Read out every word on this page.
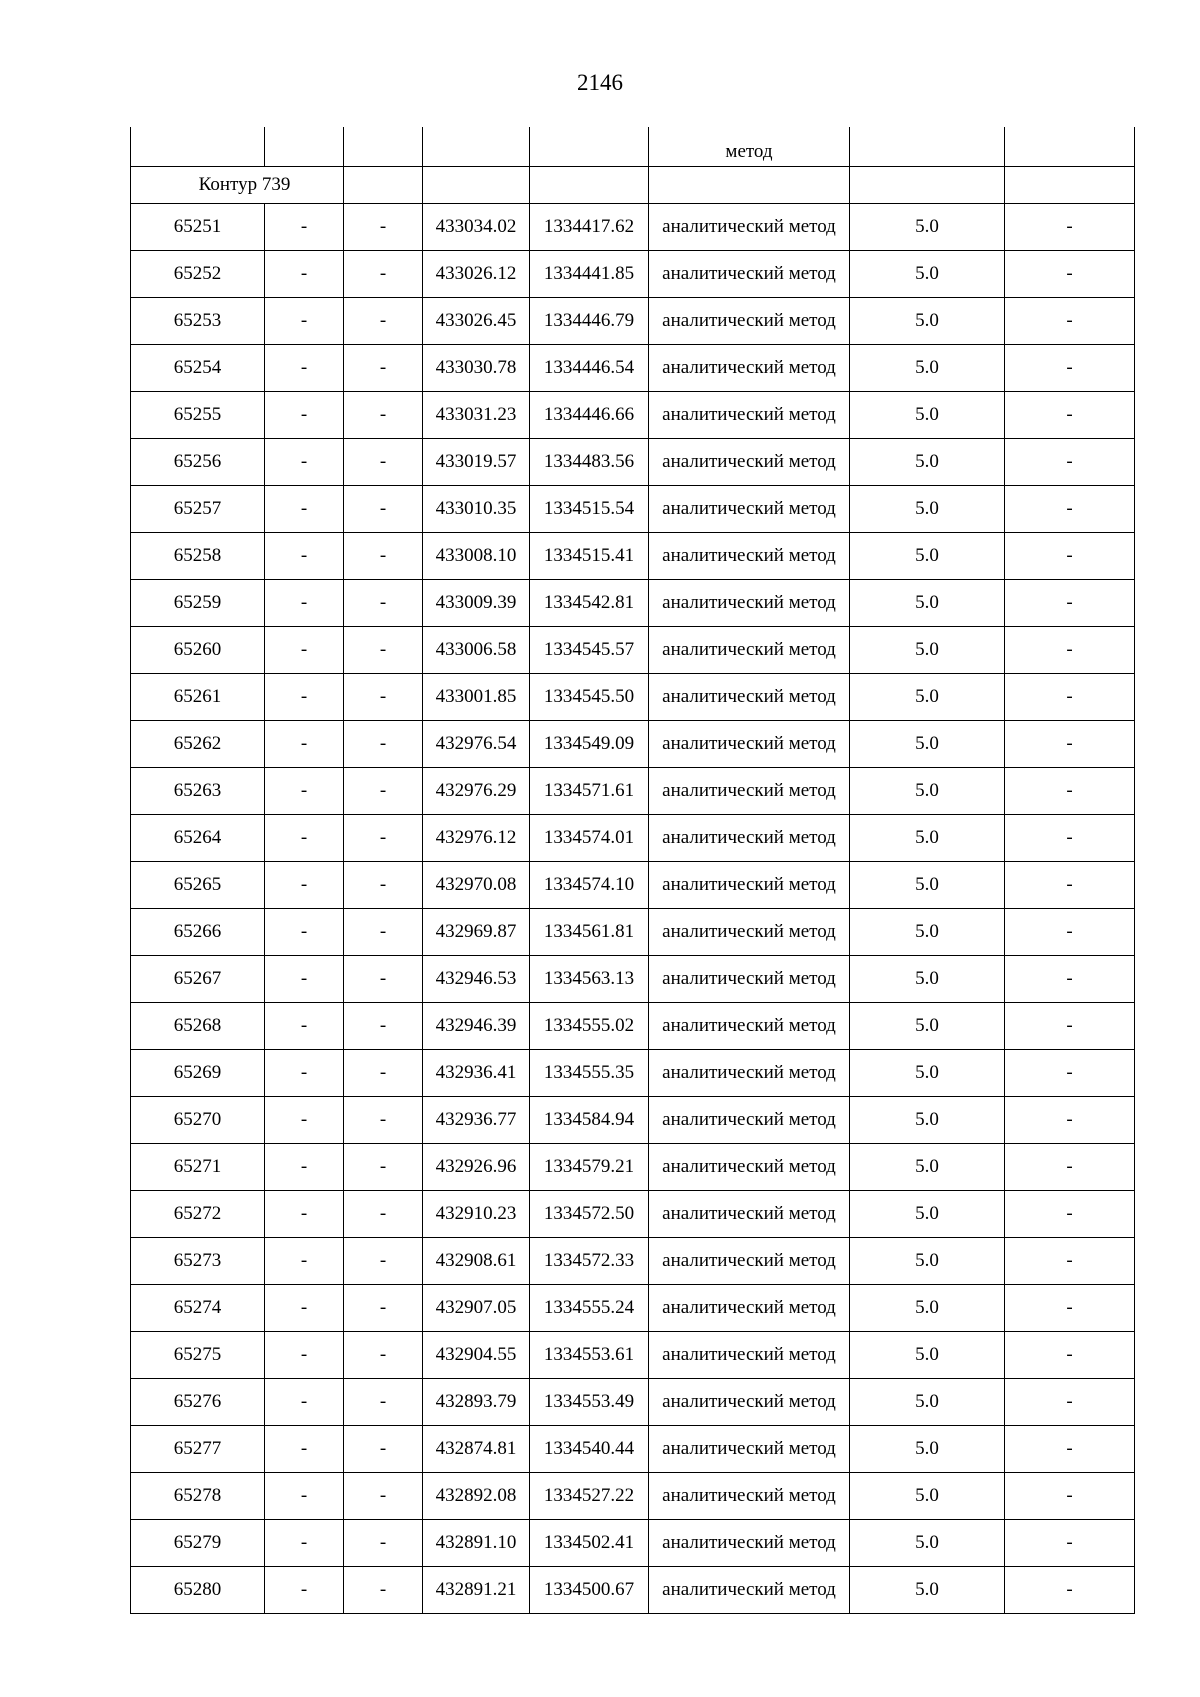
2146
					метод		
Контур 739							
65251	-	-	433034.02	1334417.62	аналитический метод	5.0	-
65252	-	-	433026.12	1334441.85	аналитический метод	5.0	-
65253	-	-	433026.45	1334446.79	аналитический метод	5.0	-
65254	-	-	433030.78	1334446.54	аналитический метод	5.0	-
65255	-	-	433031.23	1334446.66	аналитический метод	5.0	-
65256	-	-	433019.57	1334483.56	аналитический метод	5.0	-
65257	-	-	433010.35	1334515.54	аналитический метод	5.0	-
65258	-	-	433008.10	1334515.41	аналитический метод	5.0	-
65259	-	-	433009.39	1334542.81	аналитический метод	5.0	-
65260	-	-	433006.58	1334545.57	аналитический метод	5.0	-
65261	-	-	433001.85	1334545.50	аналитический метод	5.0	-
65262	-	-	432976.54	1334549.09	аналитический метод	5.0	-
65263	-	-	432976.29	1334571.61	аналитический метод	5.0	-
65264	-	-	432976.12	1334574.01	аналитический метод	5.0	-
65265	-	-	432970.08	1334574.10	аналитический метод	5.0	-
65266	-	-	432969.87	1334561.81	аналитический метод	5.0	-
65267	-	-	432946.53	1334563.13	аналитический метод	5.0	-
65268	-	-	432946.39	1334555.02	аналитический метод	5.0	-
65269	-	-	432936.41	1334555.35	аналитический метод	5.0	-
65270	-	-	432936.77	1334584.94	аналитический метод	5.0	-
65271	-	-	432926.96	1334579.21	аналитический метод	5.0	-
65272	-	-	432910.23	1334572.50	аналитический метод	5.0	-
65273	-	-	432908.61	1334572.33	аналитический метод	5.0	-
65274	-	-	432907.05	1334555.24	аналитический метод	5.0	-
65275	-	-	432904.55	1334553.61	аналитический метод	5.0	-
65276	-	-	432893.79	1334553.49	аналитический метод	5.0	-
65277	-	-	432874.81	1334540.44	аналитический метод	5.0	-
65278	-	-	432892.08	1334527.22	аналитический метод	5.0	-
65279	-	-	432891.10	1334502.41	аналитический метод	5.0	-
65280	-	-	432891.21	1334500.67	аналитический метод	5.0	-
